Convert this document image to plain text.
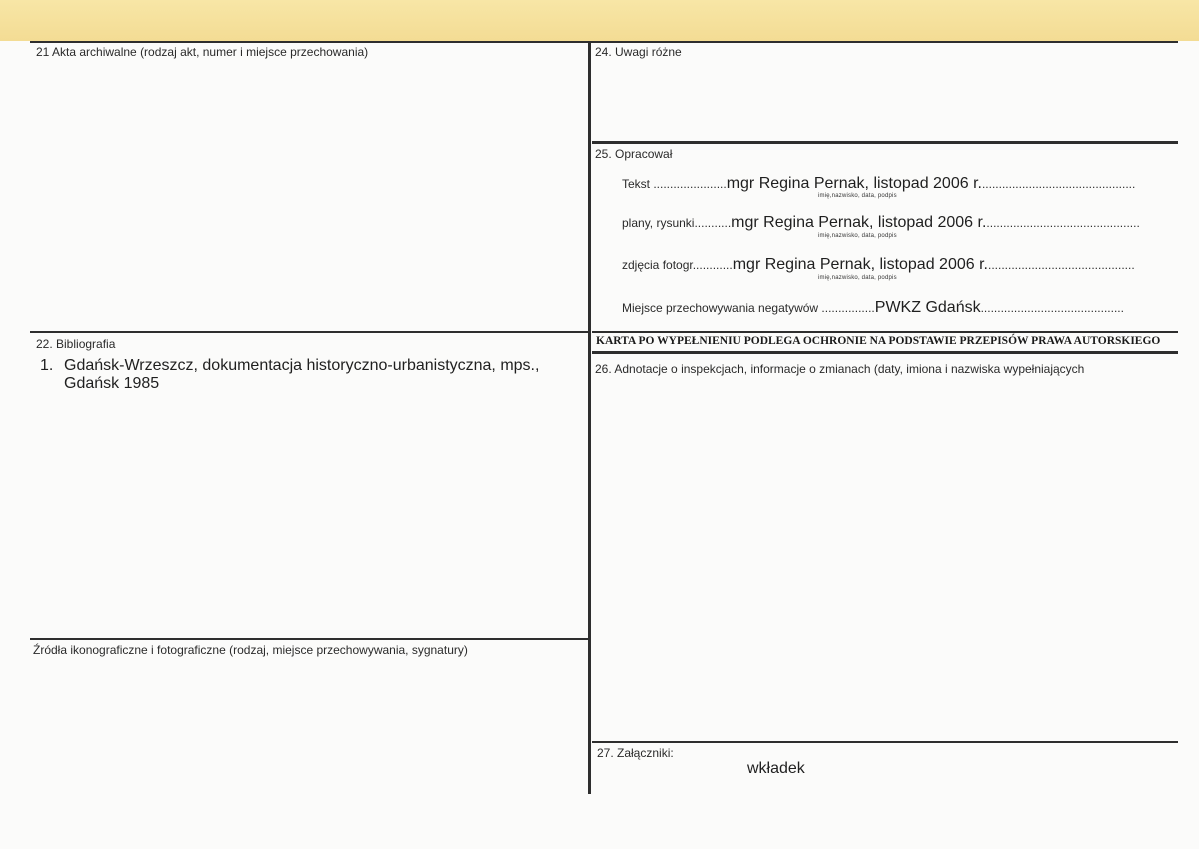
21 Akta archiwalne (rodzaj akt, numer i miejsce przechowania)
22. Bibliografia
1. Gdańsk-Wrzeszcz, dokumentacja historyczno-urbanistyczna, mps., Gdańsk 1985
Źródła ikonograficzne i fotograficzne (rodzaj, miejsce przechowywania, sygnatury)
24. Uwagi różne
25. Opracował
Tekst ......................mgr Regina Pernak, listopad 2006 r...............................................
imię,nazwisko, data, podpis
plany, rysunki...........mgr Regina Pernak, listopad 2006 r...............................................
imię,nazwisko, data, podpis
zdjęcia fotogr............mgr Regina Pernak, listopad 2006 r.............................................
imię,nazwisko, data, podpis
Miejsce przechowywania negatywów ................PWKZ Gdańsk...........................................
KARTA PO WYPEŁNIENIU PODLEGA OCHRONIE NA PODSTAWIE PRZEPISÓW PRAWA AUTORSKIEGO
26. Adnotacje o inspekcjach, informacje o zmianach (daty, imiona i nazwiska wypełniających
27. Załączniki:
wkładek
